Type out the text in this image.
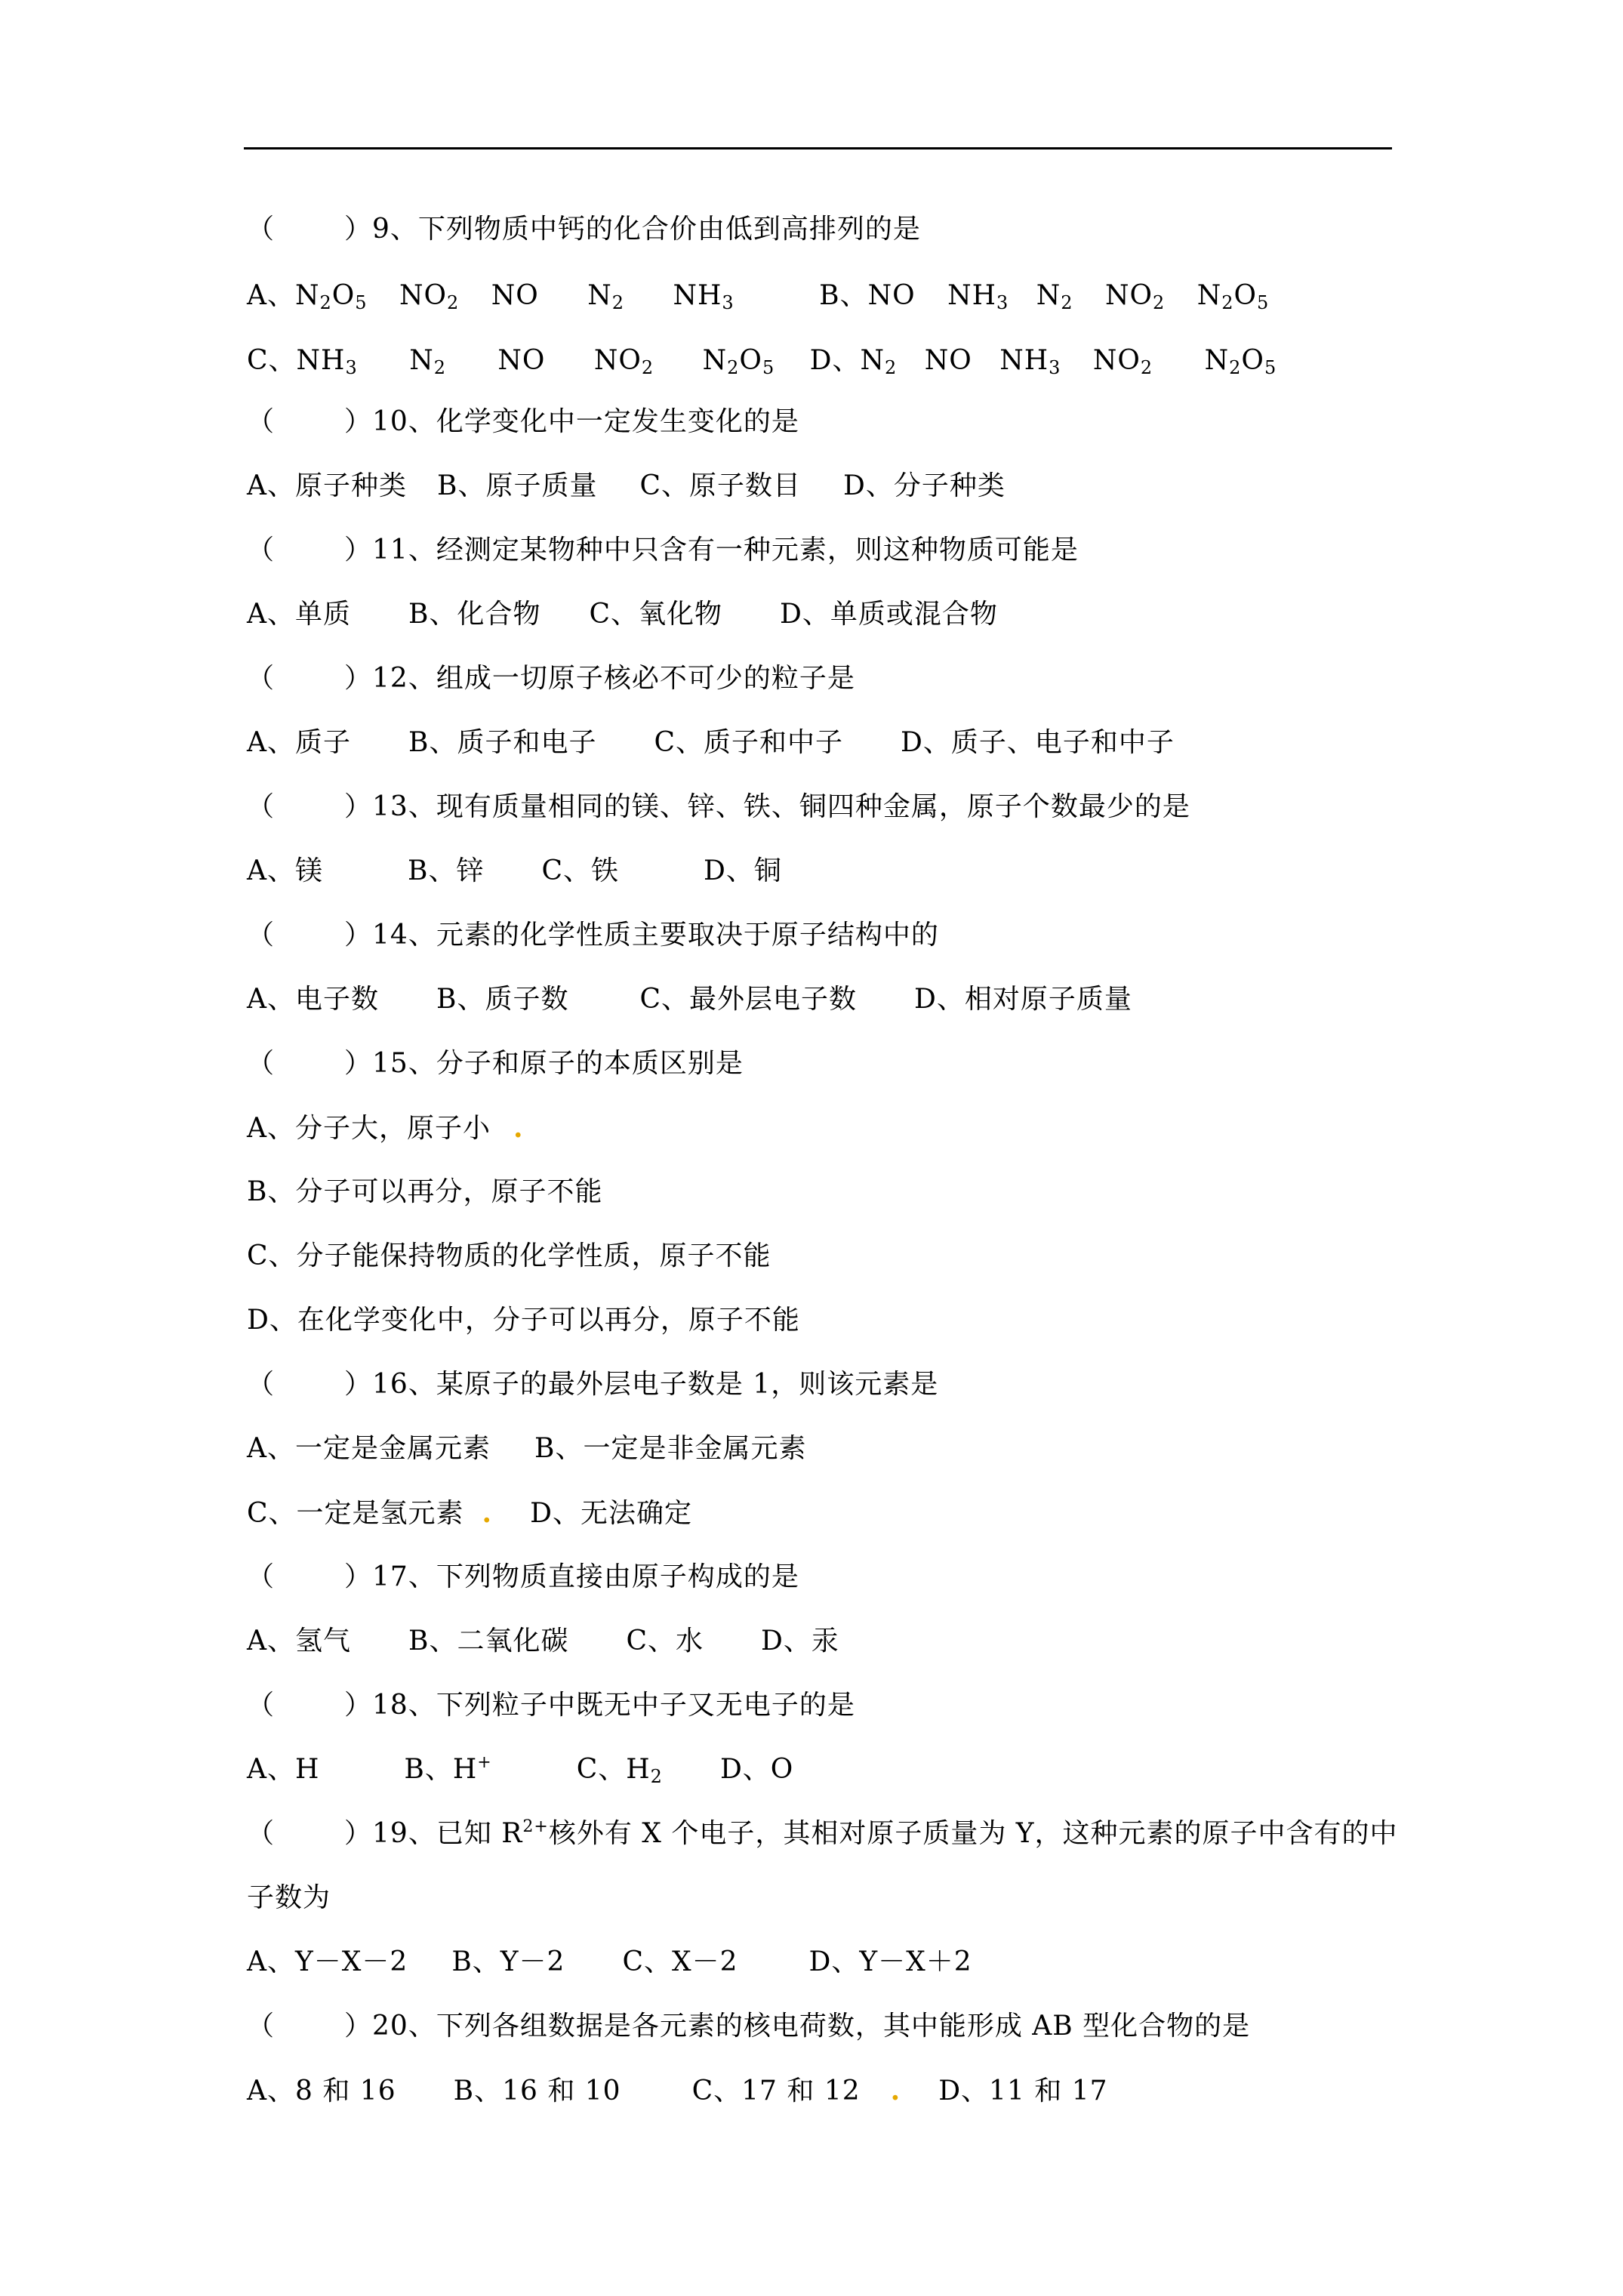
（	）9、下列物质中钙的化合价由低到高排列的是
A、$N_2O_5$ $NO_2$ NO $N_2$ $NH_3$	B、NO $NH_3$ $N_2$ $NO_2$ $N_2O_5$
C、$NH_3$ $N_2$ NO $NO_2$ $N_2O_5$ D、$N_2$ NO $NH_3$ $NO_2$ $N_2O_5$
（	）10、化学变化中一定发生变化的是
A、原子种类 B、原子质量 C、原子数目 D、分子种类
（	）11、经测定某物种中只含有一种元素，则这种物质可能是
A、单质 B、化合物 C、氧化物 D、单质或混合物
（	）12、组成一切原子核必不可少的粒子是
A、质子 B、质子和电子 C、质子和中子 D、质子、电子和中子
（	）13、现有质量相同的镁、锌、铁、铜四种金属，原子个数最少的是
A、镁	B、锌 C、铁	D、铜
（	）14、元素的化学性质主要取决于原子结构中的
A、电子数 B、质子数	C、最外层电子数 D、相对原子质量
（	）15、分子和原子的本质区别是
A、分子大，原子小 .
B、分子可以再分，原子不能
C、分子能保持物质的化学性质，原子不能
D、在化学变化中，分子可以再分，原子不能
（	）16、某原子的最外层电子数是 1，则该元素是
A、一定是金属元素 B、一定是非金属元素
C、一定是氢元素 . D、无法确定
（	）17、下列物质直接由原子构成的是
A、氢气 B、二氧化碳 C、水 D、汞
（	）18、下列粒子中既无中子又无电子的是
A、H	B、H+	C、$H_2$ D、O
（	）19、已知 $R^{2+}$核外有 X 个电子，其相对原子质量为 Y，这种元素的原子中含有的中
子数为
A、Y－X－2 B、Y－2 C、X－2	D、Y－X＋2
（	）20、下列各组数据是各元素的核电荷数，其中能形成 AB 型化合物的是
A、8 和 16 B、16 和 10	C、17 和 12 . D、11 和 17
